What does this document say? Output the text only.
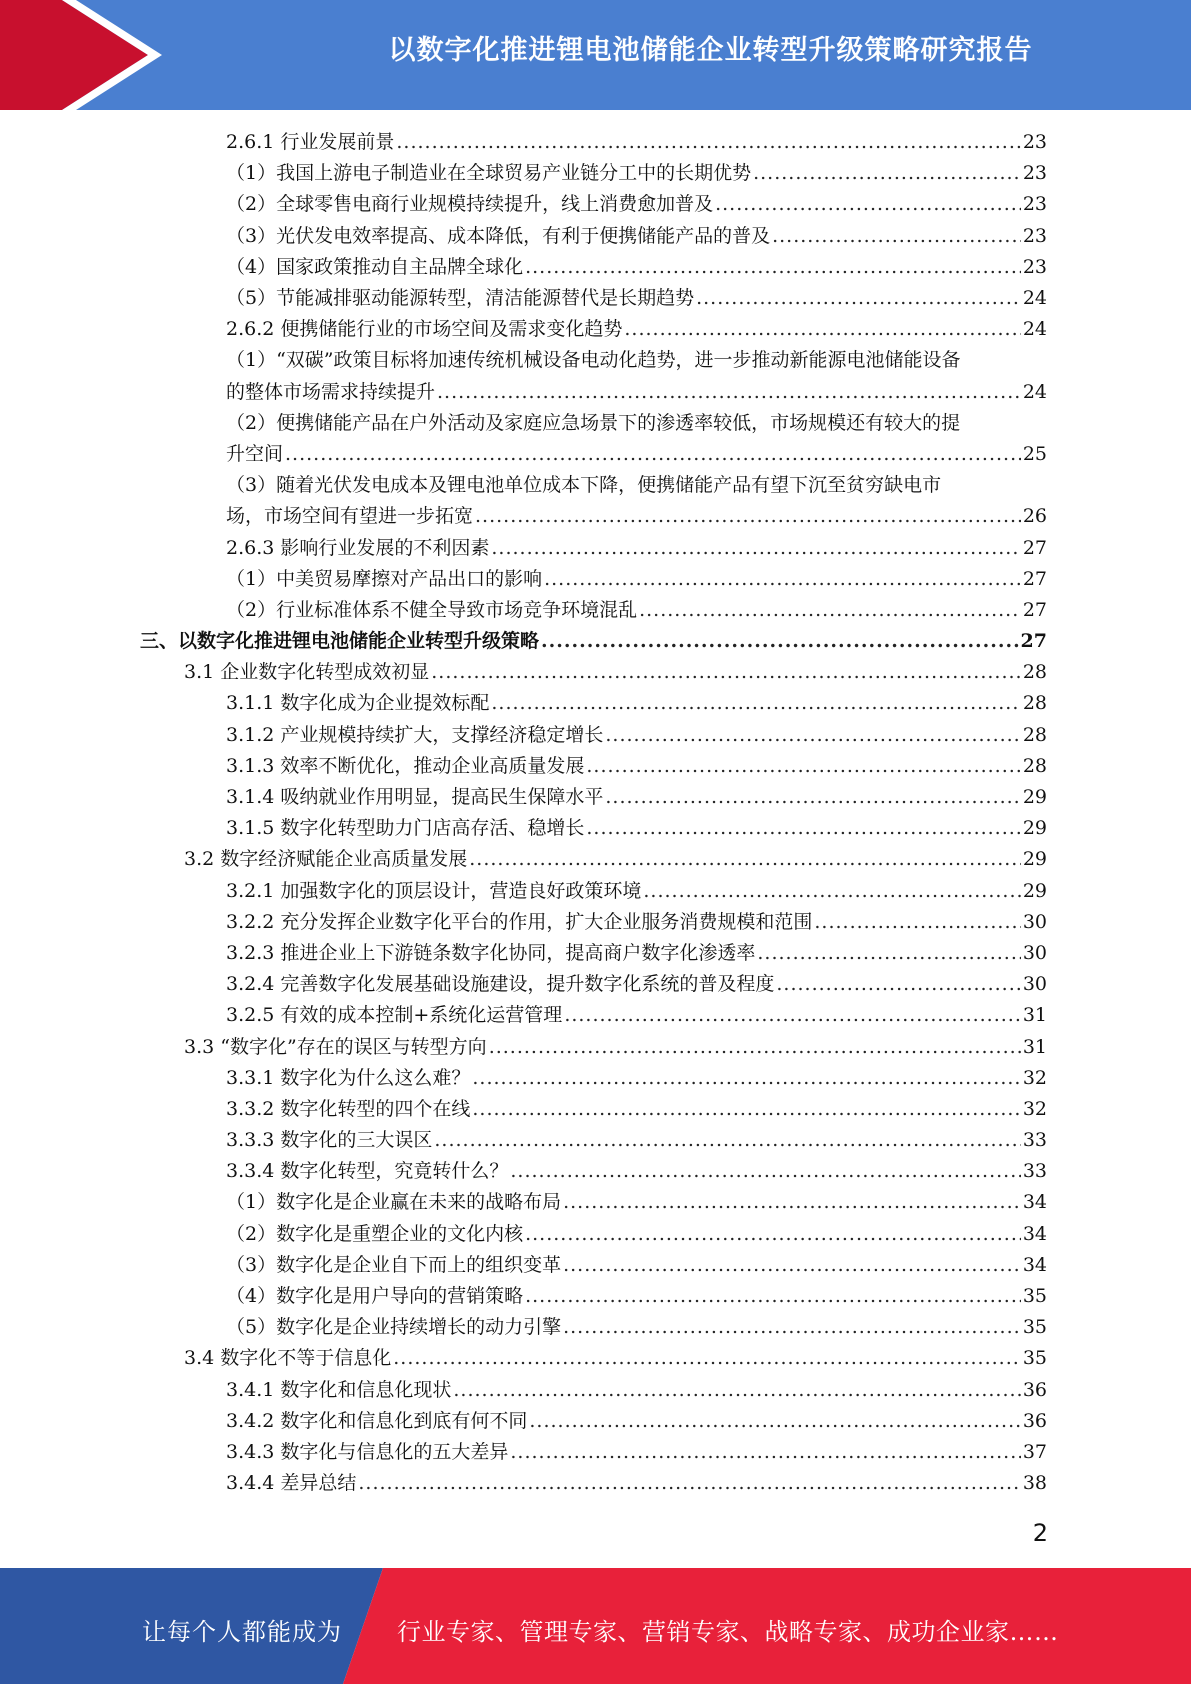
以数字化推进锂电池储能企业转型升级策略研究报告
2.6.1 行业发展前景 .....	23
（1）我国上游电子制造业在全球贸易产业链分工中的长期优势 .....	23
（2）全球零售电商行业规模持续提升，线上消费愈加普及 .....	23
（3）光伏发电效率提高、成本降低，有利于便携储能产品的普及 .....	23
（4）国家政策推动自主品牌全球化 .....	23
（5）节能减排驱动能源转型，清洁能源替代是长期趋势 .....	24
2.6.2 便携储能行业的市场空间及需求变化趋势 .....	24
（1）“双碳”政策目标将加速传统机械设备电动化趋势，进一步推动新能源电池储能设备
的整体市场需求持续提升 .....	24
（2）便携储能产品在户外活动及家庭应急场景下的渗透率较低，市场规模还有较大的提
升空间 .....	25
（3）随着光伏发电成本及锂电池单位成本下降，便携储能产品有望下沉至贫穷缺电市
场，市场空间有望进一步拓宽 .....	26
2.6.3 影响行业发展的不利因素 .....	27
（1）中美贸易摩擦对产品出口的影响 .....	27
（2）行业标准体系不健全导致市场竞争环境混乱 .....	27
三、以数字化推进锂电池储能企业转型升级策略 .....	27
3.1 企业数字化转型成效初显 .....	28
3.1.1 数字化成为企业提效标配 .....	28
3.1.2 产业规模持续扩大，支撑经济稳定增长 .....	28
3.1.3 效率不断优化，推动企业高质量发展 .....	28
3.1.4 吸纳就业作用明显，提高民生保障水平 .....	29
3.1.5 数字化转型助力门店高存活、稳增长 .....	29
3.2 数字经济赋能企业高质量发展 .....	29
3.2.1 加强数字化的顶层设计，营造良好政策环境 .....	29
3.2.2 充分发挥企业数字化平台的作用，扩大企业服务消费规模和范围 .....	30
3.2.3 推进企业上下游链条数字化协同，提高商户数字化渗透率 .....	30
3.2.4 完善数字化发展基础设施建设，提升数字化系统的普及程度 .....	30
3.2.5 有效的成本控制+系统化运营管理 .....	31
3.3 “数字化”存在的误区与转型方向 .....	31
3.3.1 数字化为什么这么难？ .....	32
3.3.2 数字化转型的四个在线 .....	32
3.3.3 数字化的三大误区 .....	33
3.3.4 数字化转型，究竟转什么？ .....	33
（1）数字化是企业赢在未来的战略布局 .....	34
（2）数字化是重塑企业的文化内核 .....	34
（3）数字化是企业自下而上的组织变革 .....	34
（4）数字化是用户导向的营销策略 .....	35
（5）数字化是企业持续增长的动力引擎 .....	35
3.4 数字化不等于信息化 .....	35
3.4.1 数字化和信息化现状 .....	36
3.4.2 数字化和信息化到底有何不同 .....	36
3.4.3 数字化与信息化的五大差异 .....	37
3.4.4 差异总结 .....	38
2
让每个人都能成为 行业专家、管理专家、营销专家、战略专家、成功企业家……
